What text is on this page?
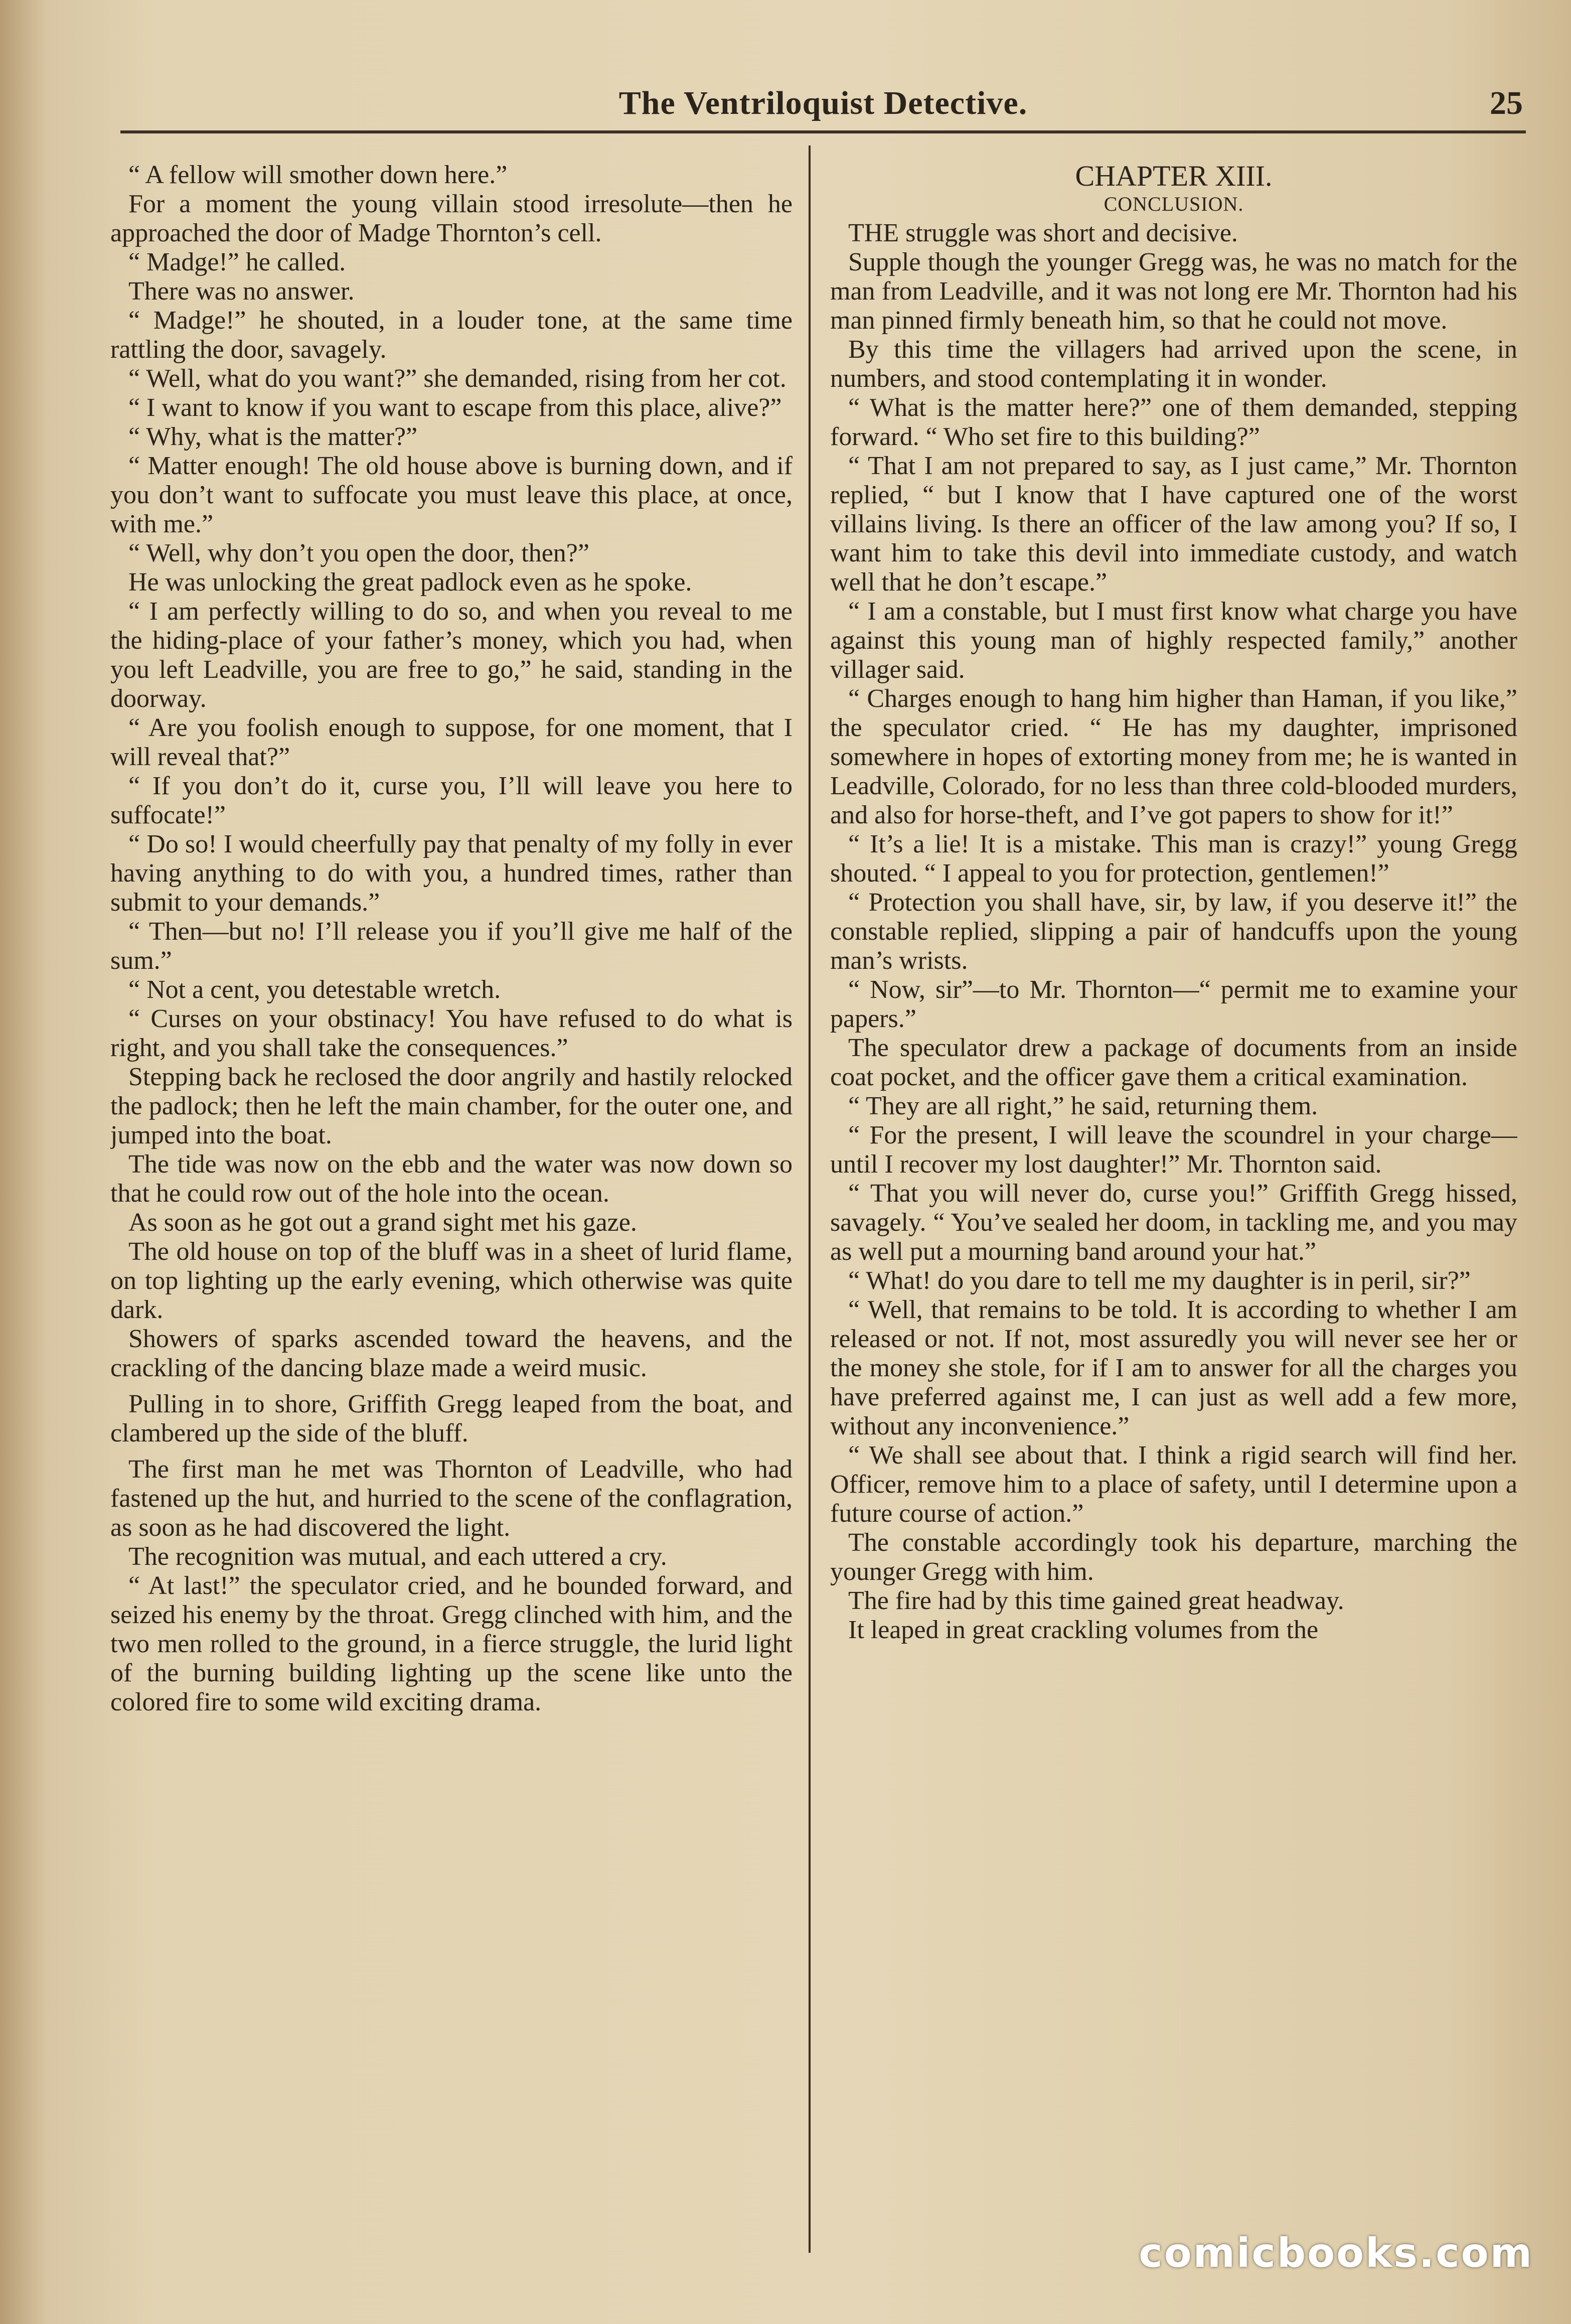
The Ventriloquist Detective.	25

“ A fellow will smother down here.”

For a moment the young villain stood irresolute—then he approached the door of Madge Thornton’s cell.

“ Madge!” he called.

There was no answer.

“ Madge!” he shouted, in a louder tone, at the same time rattling the door, savagely.

“ Well, what do you want?” she demanded, rising from her cot.

“ I want to know if you want to escape from this place, alive?”

“ Why, what is the matter?”

“ Matter enough! The old house above is burning down, and if you don’t want to suffocate you must leave this place, at once, with me.”

“ Well, why don’t you open the door, then?”

He was unlocking the great padlock even as he spoke.

“ I am perfectly willing to do so, and when you reveal to me the hiding-place of your father’s money, which you had, when you left Leadville, you are free to go,” he said, standing in the doorway.

“ Are you foolish enough to suppose, for one moment, that I will reveal that?”

“ If you don’t do it, curse you, I’ll will leave you here to suffocate!”

“ Do so! I would cheerfully pay that penalty of my folly in ever having anything to do with you, a hundred times, rather than submit to your demands.”

“ Then—but no! I’ll release you if you’ll give me half of the sum.”

“ Not a cent, you detestable wretch.

“ Curses on your obstinacy! You have refused to do what is right, and you shall take the consequences.”

Stepping back he reclosed the door angrily and hastily relocked the padlock; then he left the main chamber, for the outer one, and jumped into the boat.

The tide was now on the ebb and the water was now down so that he could row out of the hole into the ocean.

As soon as he got out a grand sight met his gaze.

The old house on top of the bluff was in a sheet of lurid flame, on top lighting up the early evening, which otherwise was quite dark.

Showers of sparks ascended toward the heavens, and the crackling of the dancing blaze made a weird music.

Pulling in to shore, Griffith Gregg leaped from the boat, and clambered up the side of the bluff.

The first man he met was Thornton of Leadville, who had fastened up the hut, and hurried to the scene of the conflagration, as soon as he had discovered the light.

The recognition was mutual, and each uttered a cry.

“ At last!” the speculator cried, and he bounded forward, and seized his enemy by the throat. Gregg clinched with him, and the two men rolled to the ground, in a fierce struggle, the lurid light of the burning building lighting up the scene like unto the colored fire to some wild exciting drama.

CHAPTER XIII.
CONCLUSION.

THE struggle was short and decisive.

Supple though the younger Gregg was, he was no match for the man from Leadville, and it was not long ere Mr. Thornton had his man pinned firmly beneath him, so that he could not move.

By this time the villagers had arrived upon the scene, in numbers, and stood contemplating it in wonder.

“ What is the matter here?” one of them demanded, stepping forward. “ Who set fire to this building?”

“ That I am not prepared to say, as I just came,” Mr. Thornton replied, “ but I know that I have captured one of the worst villains living. Is there an officer of the law among you? If so, I want him to take this devil into immediate custody, and watch well that he don’t escape.”

“ I am a constable, but I must first know what charge you have against this young man of highly respected family,” another villager said.

“ Charges enough to hang him higher than Haman, if you like,” the speculator cried. “ He has my daughter, imprisoned somewhere in hopes of extorting money from me; he is wanted in Leadville, Colorado, for no less than three cold-blooded murders, and also for horse-theft, and I’ve got papers to show for it!”

“ It’s a lie! It is a mistake. This man is crazy!” young Gregg shouted. “ I appeal to you for protection, gentlemen!”

“ Protection you shall have, sir, by law, if you deserve it!” the constable replied, slipping a pair of handcuffs upon the young man’s wrists.

“ Now, sir”—to Mr. Thornton—“ permit me to examine your papers.”

The speculator drew a package of documents from an inside coat pocket, and the officer gave them a critical examination.

“ They are all right,” he said, returning them.

“ For the present, I will leave the scoundrel in your charge—until I recover my lost daughter!” Mr. Thornton said.

“ That you will never do, curse you!” Griffith Gregg hissed, savagely. “ You’ve sealed her doom, in tackling me, and you may as well put a mourning band around your hat.”

“ What! do you dare to tell me my daughter is in peril, sir?”

“ Well, that remains to be told. It is according to whether I am released or not. If not, most assuredly you will never see her or the money she stole, for if I am to answer for all the charges you have preferred against me, I can just as well add a few more, without any inconvenience.”

“ We shall see about that. I think a rigid search will find her. Officer, remove him to a place of safety, until I determine upon a future course of action.”

The constable accordingly took his departure, marching the younger Gregg with him.

The fire had by this time gained great headway.

It leaped in great crackling volumes from the

comicbooks.com
